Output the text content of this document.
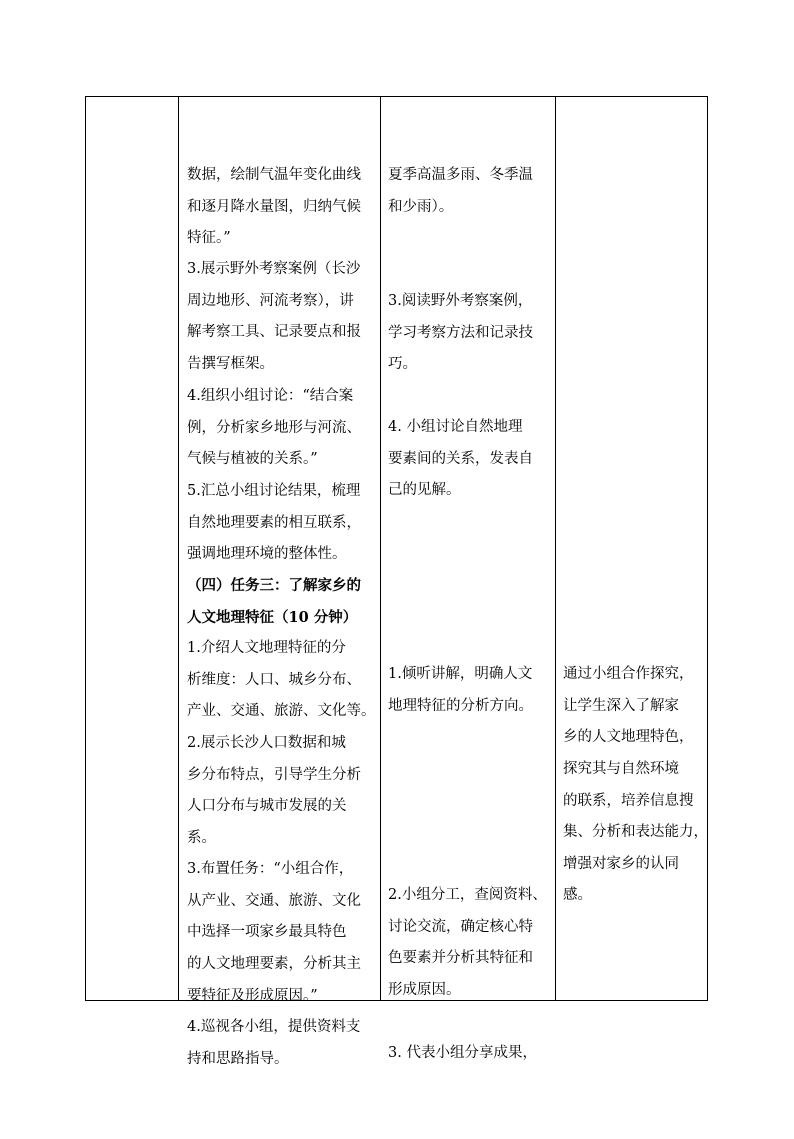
数据，绘制气温年变化曲线
和逐月降水量图，归纳气候
特征。”

3.展示野外考察案例（长沙
周边地形、河流考察），讲
解考察工具、记录要点和报
告撰写框架。

4.组织小组讨论：“结合案
例，分析家乡地形与河流、
气候与植被的关系。”

5.汇总小组讨论结果，梳理
自然地理要素的相互联系，
强调地理环境的整体性。

（四）任务三：了解家乡的
人文地理特征（10 分钟）

1.介绍人文地理特征的分
析维度：人口、城乡分布、
产业、交通、旅游、文化等。

2.展示长沙人口数据和城
乡分布特点，引导学生分析
人口分布与城市发展的关
系。

3.布置任务：“小组合作，
从产业、交通、旅游、文化
中选择一项家乡最具特色
的人文地理要素，分析其主
要特征及形成原因。”

4.巡视各小组，提供资料支
持和思路指导。

夏季高温多雨、冬季温
和少雨）。

3.阅读野外考察案例，
学习考察方法和记录技
巧。

4. 小组讨论自然地理
要素间的关系，发表自
己的见解。

1.倾听讲解，明确人文
地理特征的分析方向。

2.小组分工，查阅资料、
讨论交流，确定核心特
色要素并分析其特征和
形成原因。

3. 代表小组分享成果，

通过小组合作探究，
让学生深入了解家
乡的人文地理特色，
探究其与自然环境
的联系，培养信息搜
集、分析和表达能力，
增强对家乡的认同
感。
